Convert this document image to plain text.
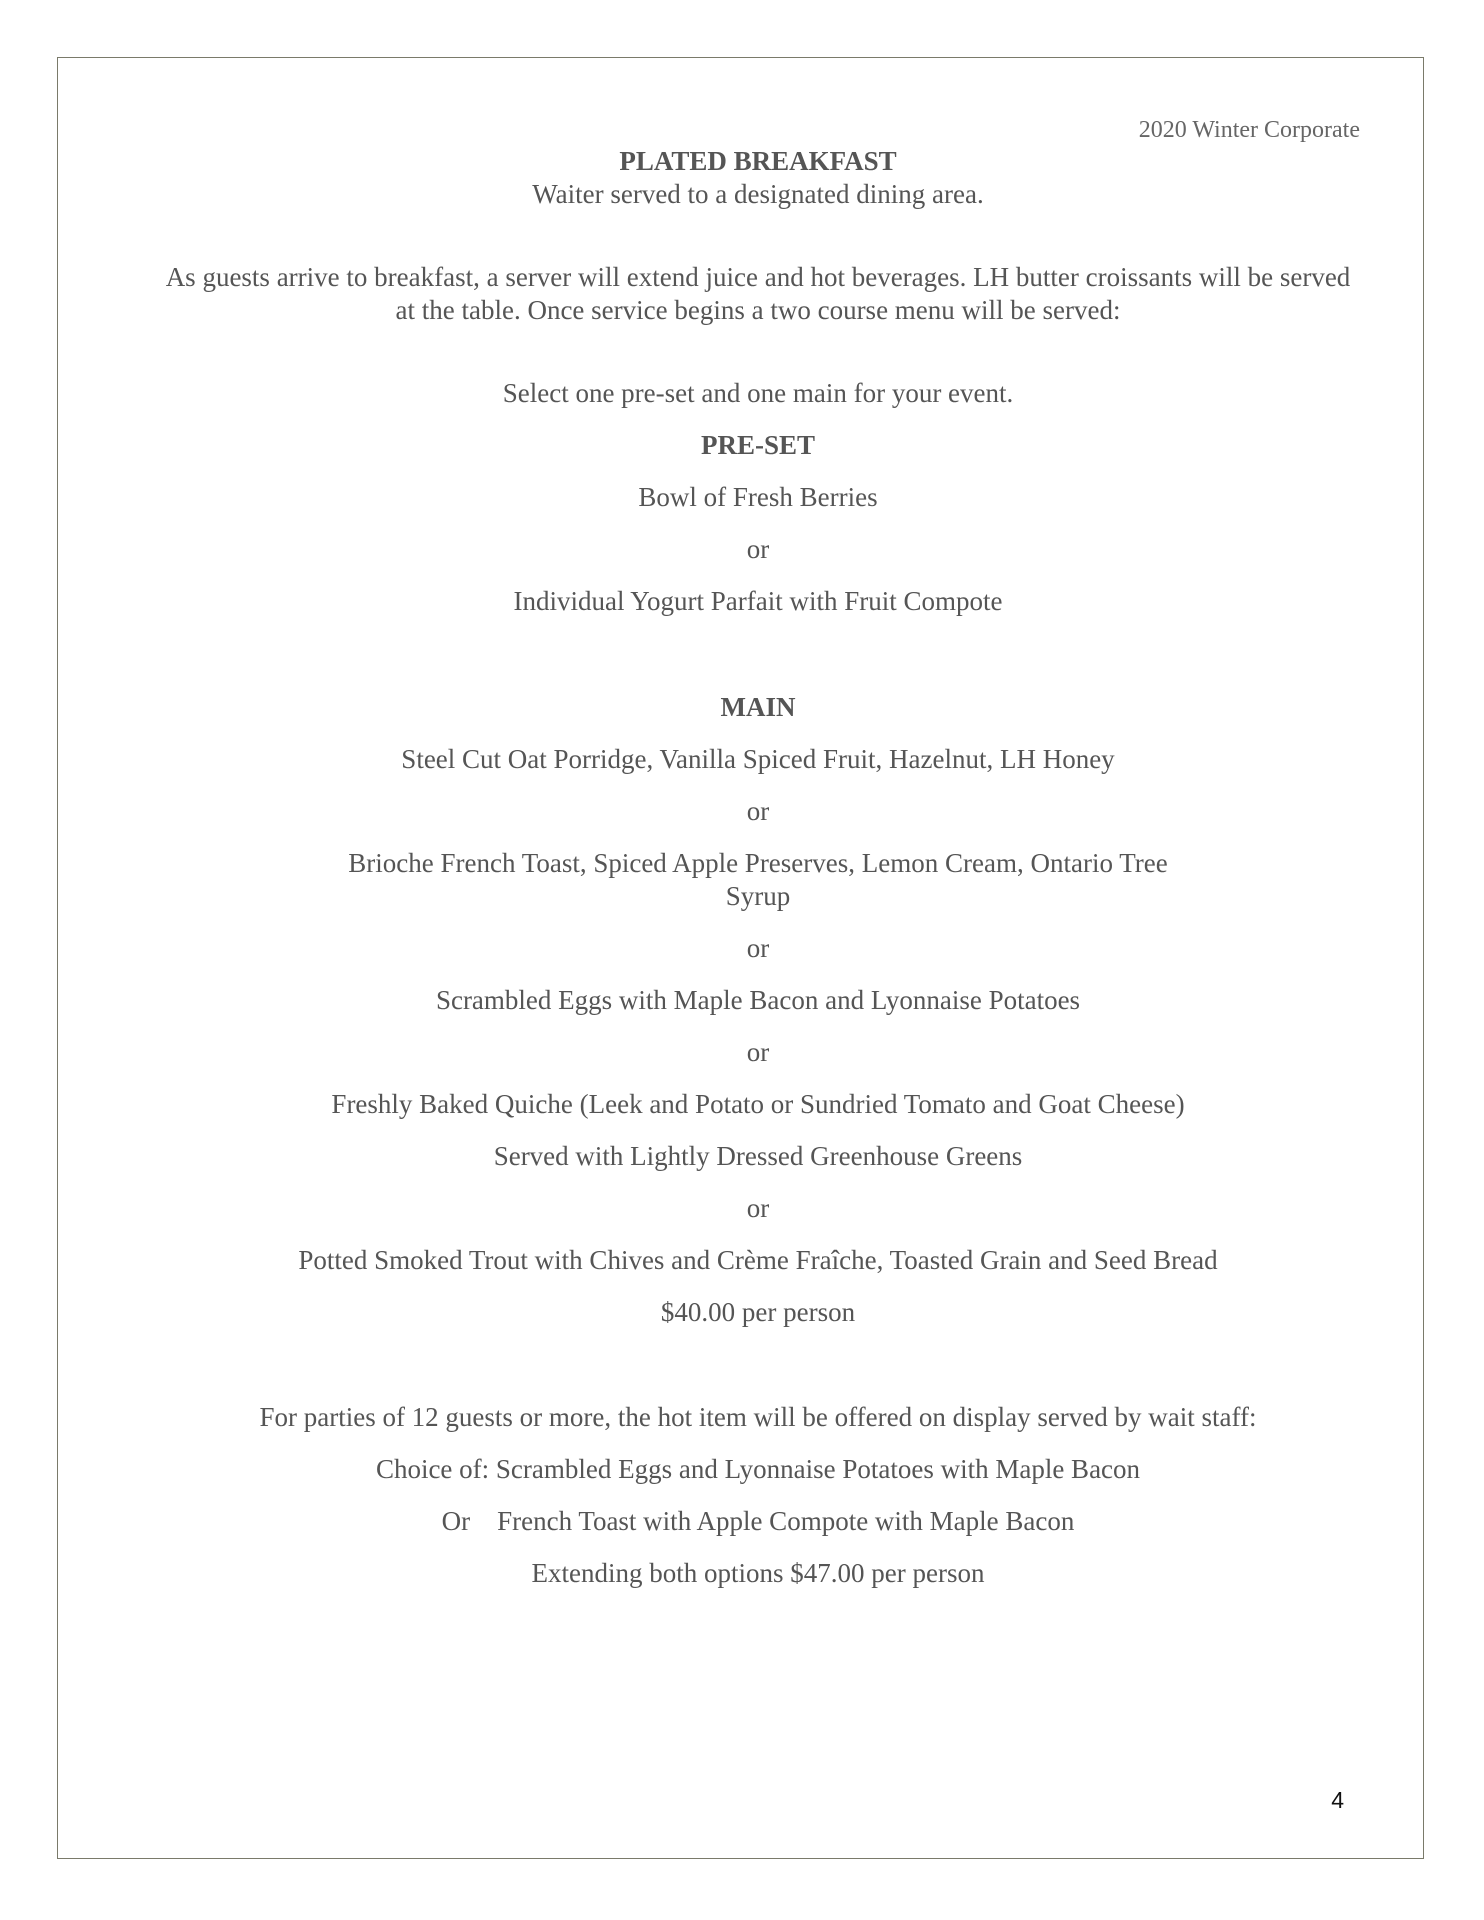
2020 Winter Corporate

PLATED BREAKFAST

Waiter served to a designated dining area.

As guests arrive to breakfast, a server will extend juice and hot beverages. LH butter croissants will be served at the table. Once service begins a two course menu will be served:

Select one pre-set and one main for your event.

PRE-SET

Bowl of Fresh Berries

or

Individual Yogurt Parfait with Fruit Compote

MAIN

Steel Cut Oat Porridge, Vanilla Spiced Fruit, Hazelnut, LH Honey

or

Brioche French Toast, Spiced Apple Preserves, Lemon Cream, Ontario Tree Syrup

or

Scrambled Eggs with Maple Bacon and Lyonnaise Potatoes

or

Freshly Baked Quiche (Leek and Potato or Sundried Tomato and Goat Cheese)

Served with Lightly Dressed Greenhouse Greens

or

Potted Smoked Trout with Chives and Crème Fraîche, Toasted Grain and Seed Bread

$40.00 per person

For parties of 12 guests or more, the hot item will be offered on display served by wait staff:

Choice of: Scrambled Eggs and Lyonnaise Potatoes with Maple Bacon

Or    French Toast with Apple Compote with Maple Bacon

Extending both options $47.00 per person

4
